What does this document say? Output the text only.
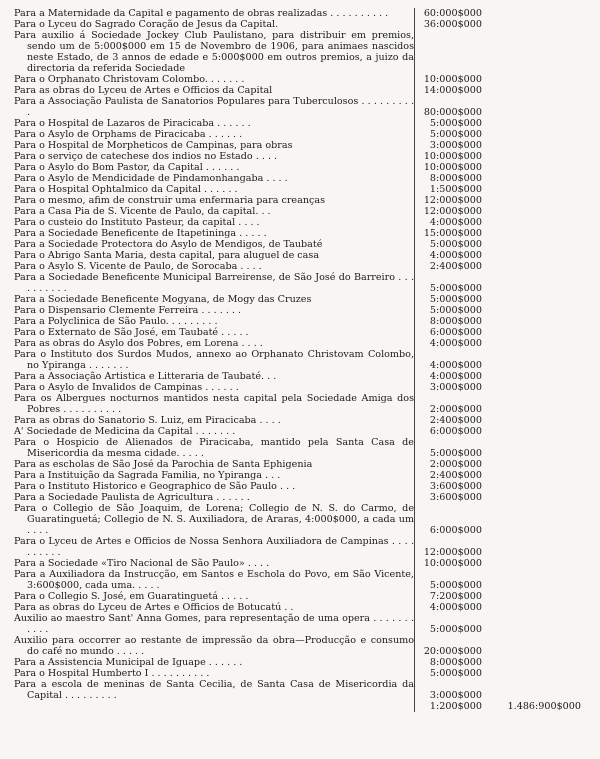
Para a Maternidade da Capital e pagamento de obras realizadas . . . . . . . . . .	60:000$000
Para o Lyceu do Sagrado Coração de Jesus da Capital.	36:000$000
Para auxilio á Sociedade Jockey Club Paulistano, para distribuir em premios, sendo um de 5:000$000 em 15 de Novembro de 1906, para animaes nascidos neste Estado, de 3 annos de edade e 5:000$000 em outros premios, a juizo da directoria da referida Sociedade
Para o Orphanato Christovam Colombo. . . . . . .	10:000$000
Para as obras do Lyceu de Artes e Officios da Capital	14:000$000
Para a Associação Paulista de Sanatorios Populares para Tuberculosos . . . . . . . . . .	80:000$000
Para o Hospital de Lazaros de Piracicaba . . . . . .	5:000$000
Para o Asylo de Orphams de Piracicaba . . . . . .	5:000$000
Para o Hospital de Morpheticos de Campinas, para obras	3:000$000
Para o serviço de catechese dos indios no Estado . . . .	10:000$000
Para o Asylo do Bom Pastor, da Capital . . . . . .	10:000$000
Para o Asylo de Mendicidade de Pindamonhangaba . . . .	8:000$000
Para o Hospital Ophtalmico da Capital . . . . . .	1:500$000
Para o mesmo, afim de construir uma enfermaria para creanças	12:000$000
Para a Casa Pia de S. Vicente de Paulo, da capital. . .	12:000$000
Para o custeio do Instituto Pasteur, da capital . . . .	4:000$000
Para a Sociedade Beneficente de Itapetininga . . . . .	15:000$000
Para a Sociedade Protectora do Asylo de Mendigos, de Taubaté	5:000$000
Para o Abrigo Santa Maria, desta capital, para aluguel de casa	4:000$000
Para o Asylo S. Vicente de Paulo, de Sorocaba . . . .	2:400$000
Para a Sociedade Beneficente Municipal Barreirense, de São José do Barreiro . . . . . . . . . .	5:000$000
Para a Sociedade Beneficente Mogyana, de Mogy das Cruzes	5:000$000
Para o Dispensario Clemente Ferreira . . . . . . .	5:000$000
Para a Polyclinica de São Paulo. . . . . . . . .	8:000$000
Para o Externato de São José, em Taubaté . . . . .	6:000$000
Para as obras do Asylo dos Pobres, em Lorena . . . .	4:000$000
Para o Instituto dos Surdos Mudos, annexo ao Orphanato Christovam Colombo, no Ypiranga . . . . . . .	4:000$000
Para a Associação Artistica e Litteraria de Taubaté. . .	4:000$000
Para o Asylo de Invalidos de Campinas . . . . . .	3:000$000
Para os Albergues nocturnos mantidos nesta capital pela Sociedade Amiga dos Pobres . . . . . . . . . .	2:000$000
Para as obras do Sanatorio S. Luiz, em Piracicaba . . . .	2:400$000
A' Sociedade de Medicina da Capital . . . . . . .	6:000$000
Para o Hospicio de Alienados de Piracicaba, mantido pela Santa Casa de Misericordia da mesma cidade. . . . .	5:000$000
Para as escholas de São José da Parochia de Santa Ephigenia	2:000$000
Para a Instituição da Sagrada Familia, no Ypiranga . . .	2:400$000
Para o Instituto Historico e Geographico de São Paulo . . .	3:600$000
Para a Sociedade Paulista de Agricultura . . . . . .	3:600$000
Para o Collegio de São Joaquim, de Lorena; Collegio de N. S. do Carmo, de Guaratinguetá; Collegio de N. S. Auxiliadora, de Araras, 4:000$000, a cada um . . . .	6:000$000
Para o Lyceu de Artes e Officios de Nossa Senhora Auxiliadora de Campinas . . . . . . . . . .	12:000$000
Para a Sociedade «Tiro Nacional de São Paulo» . . . .	10:000$000
Para a Auxiliadora da Instrucção, em Santos e Eschola do Povo, em São Vicente, 3:600$000, cada uma. . . . .	5:000$000
Para o Collegio S. José, em Guaratinguetá . . . . .	7:200$000
Para as obras do Lyceu de Artes e Officios de Botucatú . .	4:000$000
Auxilio ao maestro Sant' Anna Gomes, para representação de uma opera . . . . . . . . . . .	5:000$000
Auxilio para occorrer ao restante de impressão da obra—Producção e consumo do café no mundo . . . . .	20:000$000
Para a Assistencia Municipal de Iguape . . . . . .	8:000$000
Para o Hospital Humberto I . . . . . . . . . .	5:000$000
Para a escola de meninas de Santa Cecilia, de Santa Casa de Misericordia da Capital . . . . . . . . .	3:000$000
1:200$000	1.486:900$000
